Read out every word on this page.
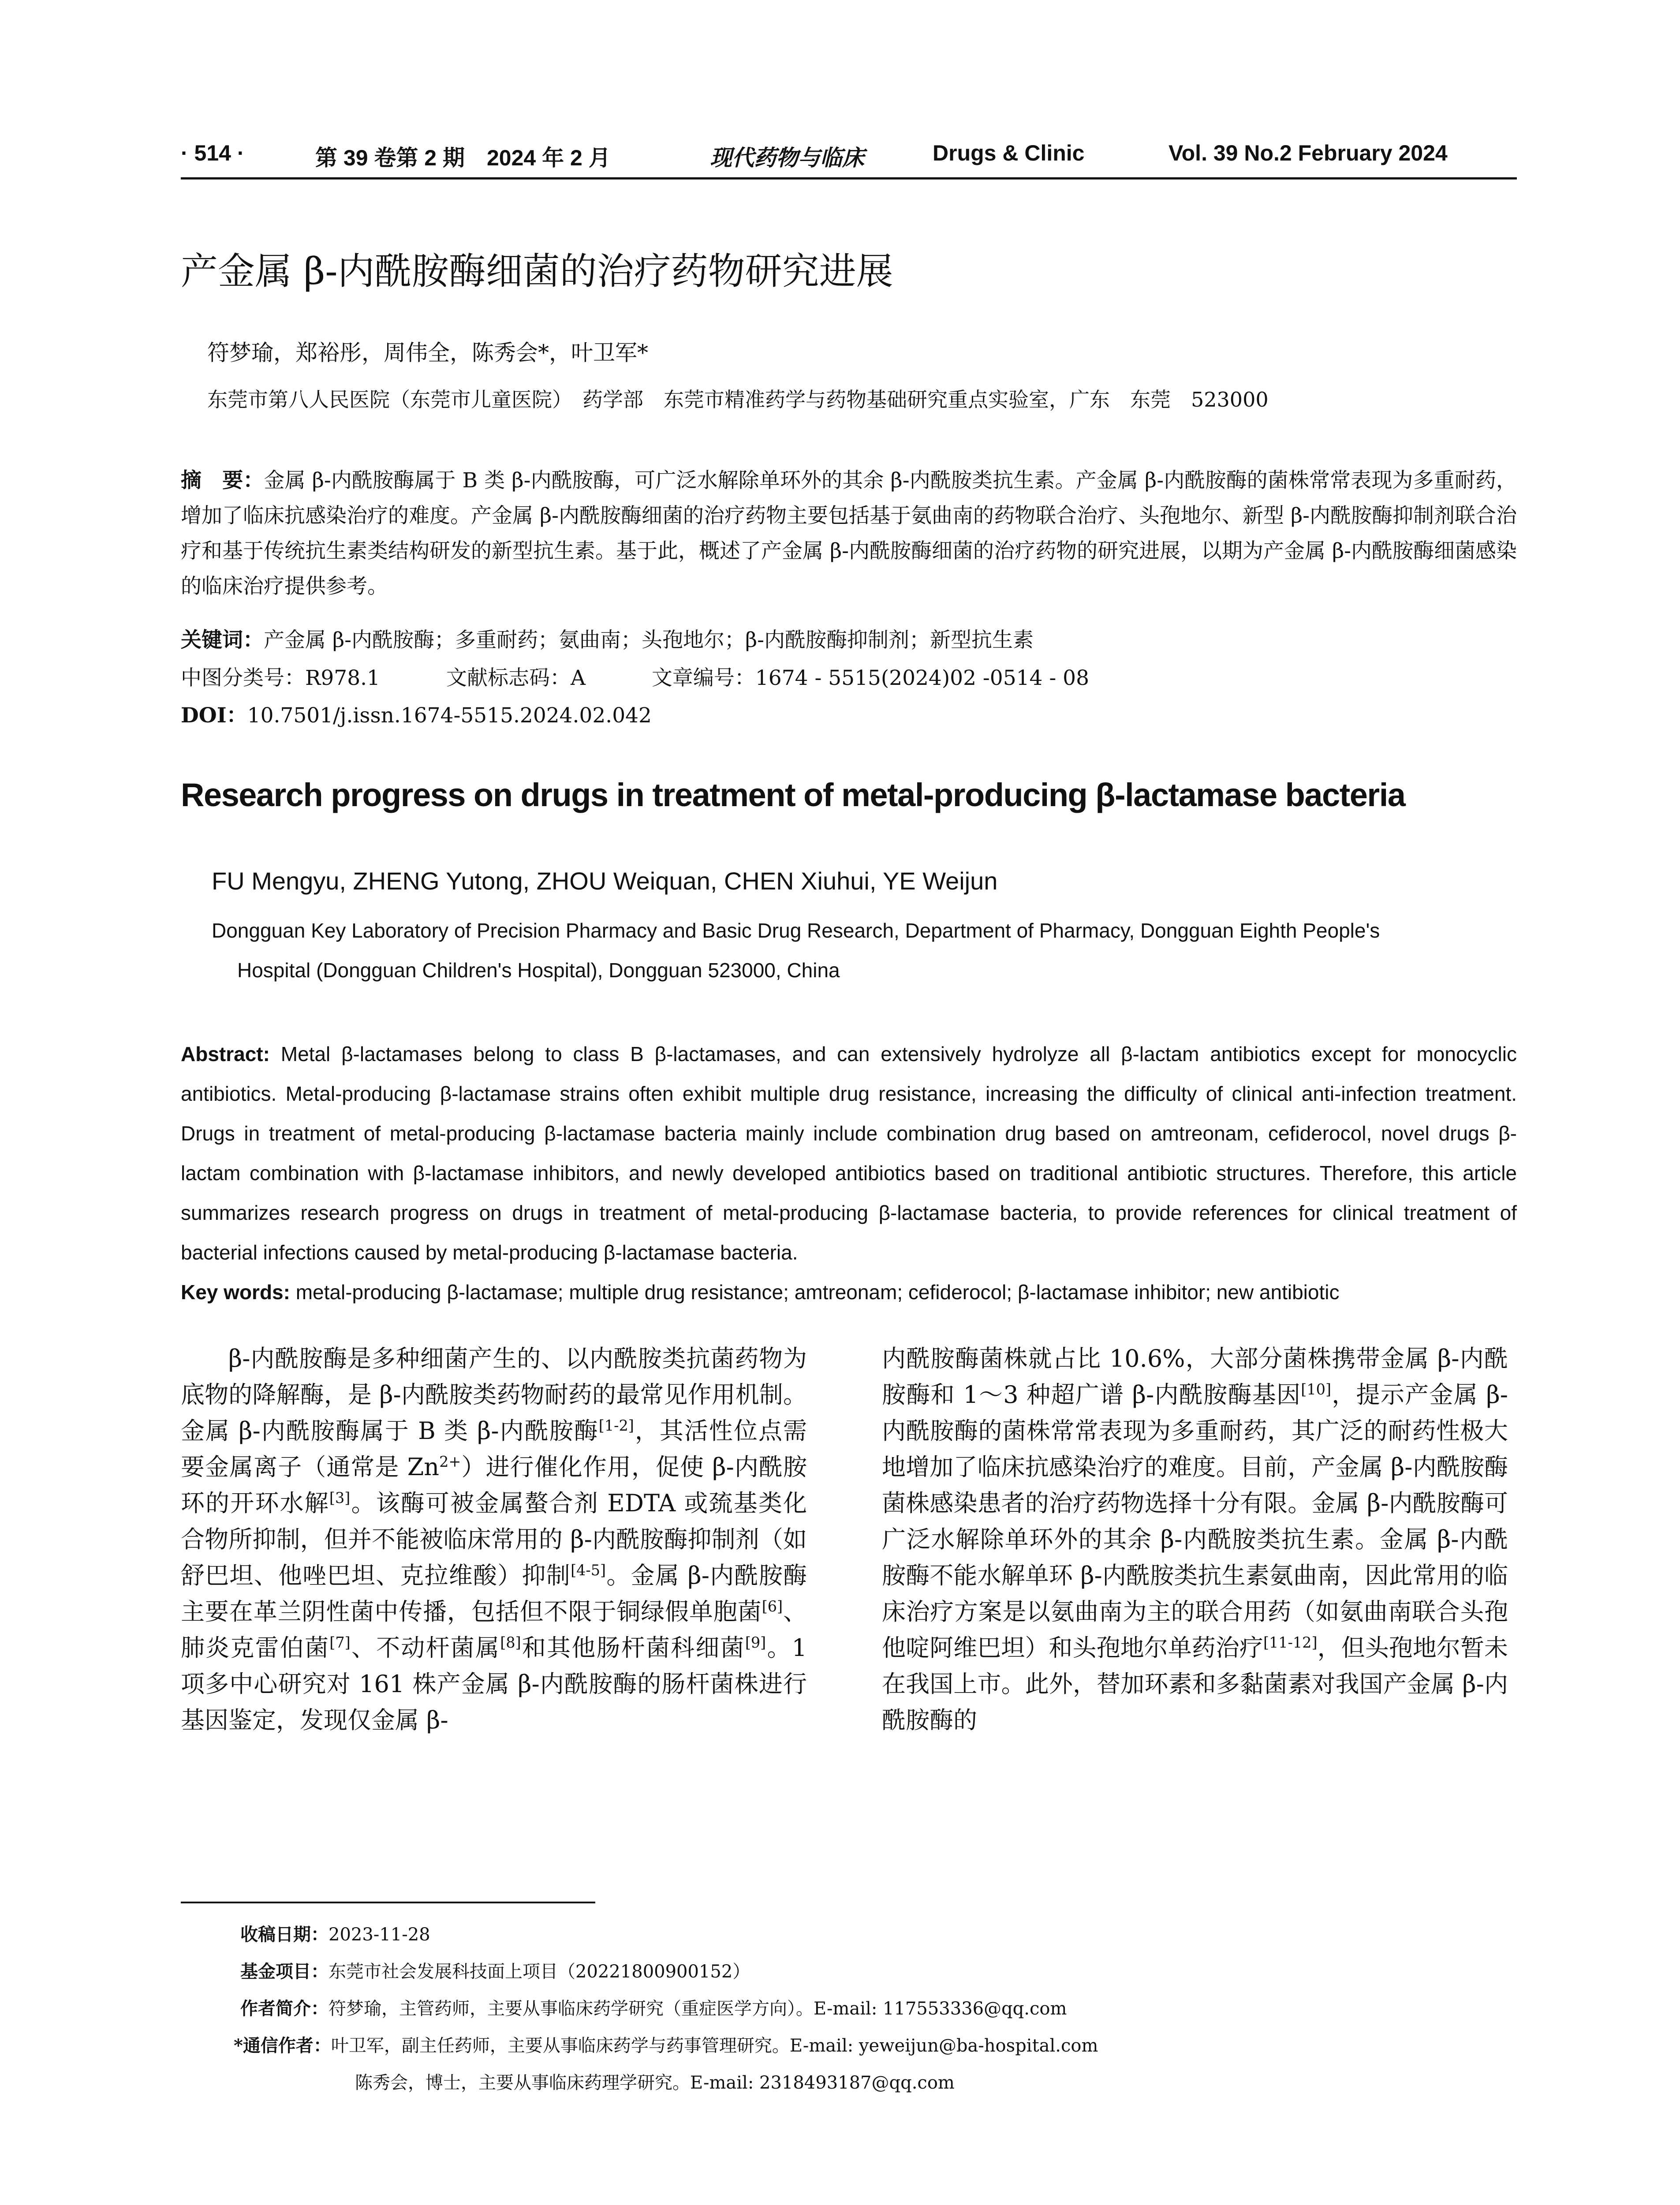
· 514 ·	第 39 卷第 2 期　2024 年 2 月	现代药物与临床	Drugs & Clinic	Vol. 39 No.2 February 2024
产金属 β-内酰胺酶细菌的治疗药物研究进展
符梦瑜，郑裕彤，周伟全，陈秀会*，叶卫军*
东莞市第八人民医院（东莞市儿童医院）　药学部　东莞市精准药学与药物基础研究重点实验室，广东　东莞　523000
摘　要：金属 β-内酰胺酶属于 B 类 β-内酰胺酶，可广泛水解除单环外的其余 β-内酰胺类抗生素。产金属 β-内酰胺酶的菌株常常表现为多重耐药，增加了临床抗感染治疗的难度。产金属 β-内酰胺酶细菌的治疗药物主要包括基于氨曲南的药物联合治疗、头孢地尔、新型 β-内酰胺酶抑制剂联合治疗和基于传统抗生素类结构研发的新型抗生素。基于此，概述了产金属 β-内酰胺酶细菌的治疗药物的研究进展，以期为产金属 β-内酰胺酶细菌感染的临床治疗提供参考。
关键词：产金属 β-内酰胺酶；多重耐药；氨曲南；头孢地尔；β-内酰胺酶抑制剂；新型抗生素
中图分类号：R978.1	文献标志码：A	文章编号：1674 - 5515(2024)02 -0514 - 08
DOI：10.7501/j.issn.1674-5515.2024.02.042
Research progress on drugs in treatment of metal-producing β-lactamase bacteria
FU Mengyu, ZHENG Yutong, ZHOU Weiquan, CHEN Xiuhui, YE Weijun
Dongguan Key Laboratory of Precision Pharmacy and Basic Drug Research, Department of Pharmacy, Dongguan Eighth People's
Hospital (Dongguan Children's Hospital), Dongguan 523000, China
Abstract: Metal β-lactamases belong to class B β-lactamases, and can extensively hydrolyze all β-lactam antibiotics except for monocyclic antibiotics. Metal-producing β-lactamase strains often exhibit multiple drug resistance, increasing the difficulty of clinical anti-infection treatment. Drugs in treatment of metal-producing β-lactamase bacteria mainly include combination drug based on amtreonam, cefiderocol, novel drugs β-lactam combination with β-lactamase inhibitors, and newly developed antibiotics based on traditional antibiotic structures. Therefore, this article summarizes research progress on drugs in treatment of metal-producing β-lactamase bacteria, to provide references for clinical treatment of bacterial infections caused by metal-producing β-lactamase bacteria.
Key words: metal-producing β-lactamase; multiple drug resistance; amtreonam; cefiderocol; β-lactamase inhibitor; new antibiotic
β-内酰胺酶是多种细菌产生的、以内酰胺类抗菌药物为底物的降解酶，是 β-内酰胺类药物耐药的最常见作用机制。金属 β-内酰胺酶属于 B 类 β-内酰胺酶[1-2]，其活性位点需要金属离子（通常是 $Zn^{2+}$）进行催化作用，促使 β-内酰胺环的开环水解[3]。该酶可被金属螯合剂 EDTA 或巯基类化合物所抑制，但并不能被临床常用的 β-内酰胺酶抑制剂（如舒巴坦、他唑巴坦、克拉维酸）抑制[4-5]。金属 β-内酰胺酶主要在革兰阴性菌中传播，包括但不限于铜绿假单胞菌[6]、肺炎克雷伯菌[7]、不动杆菌属[8]和其他肠杆菌科细菌[9]。1 项多中心研究对 161 株产金属 β-内酰胺酶的肠杆菌株进行基因鉴定，发现仅金属 β-
内酰胺酶菌株就占比 10.6%，大部分菌株携带金属 β-内酰胺酶和 1～3 种超广谱 β-内酰胺酶基因[10]，提示产金属 β-内酰胺酶的菌株常常表现为多重耐药，其广泛的耐药性极大地增加了临床抗感染治疗的难度。目前，产金属 β-内酰胺酶菌株感染患者的治疗药物选择十分有限。金属 β-内酰胺酶可广泛水解除单环外的其余 β-内酰胺类抗生素。金属 β-内酰胺酶不能水解单环 β-内酰胺类抗生素氨曲南，因此常用的临床治疗方案是以氨曲南为主的联合用药（如氨曲南联合头孢他啶阿维巴坦）和头孢地尔单药治疗[11-12]，但头孢地尔暂未在我国上市。此外，替加环素和多黏菌素对我国产金属 β-内酰胺酶的
收稿日期：2023-11-28
基金项目：东莞市社会发展科技面上项目（20221800900152）
作者简介：符梦瑜，主管药师，主要从事临床药学研究（重症医学方向）。E-mail: 117553336@qq.com
*通信作者：叶卫军，副主任药师，主要从事临床药学与药事管理研究。E-mail: yeweijun@ba-hospital.com
陈秀会，博士，主要从事临床药理学研究。E-mail: 2318493187@qq.com
